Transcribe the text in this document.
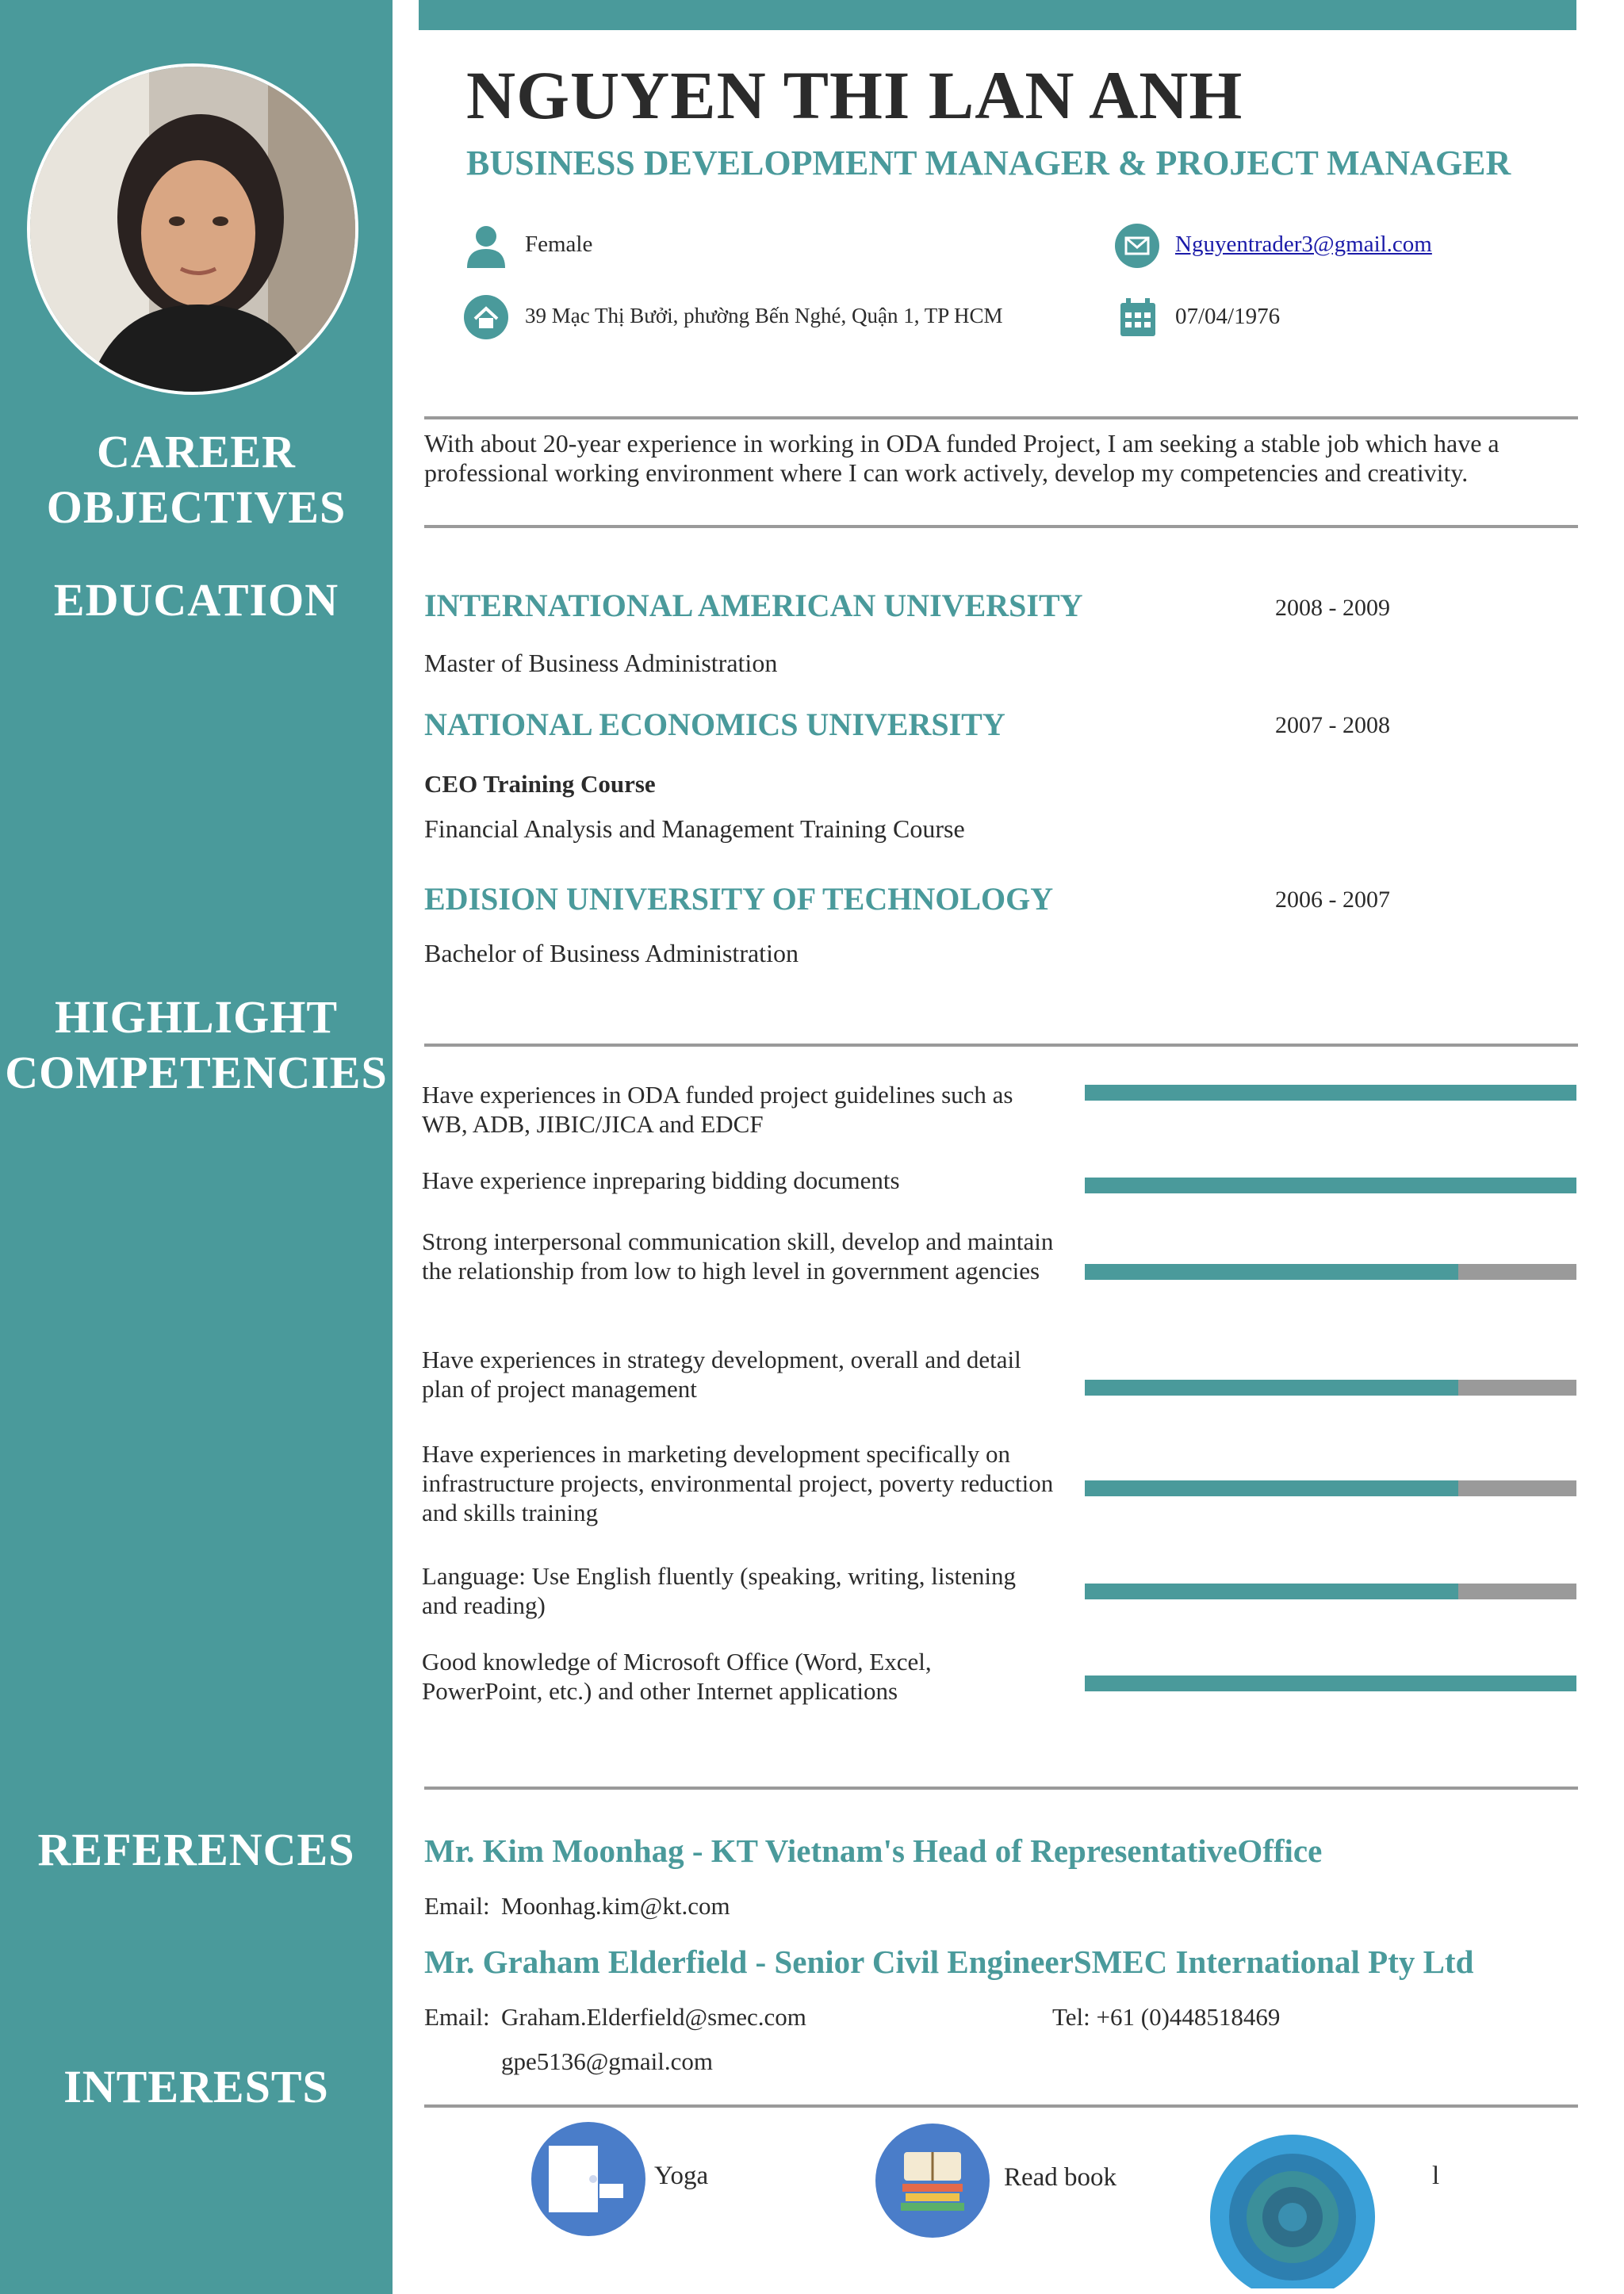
CAREER
OBJECTIVES
EDUCATION
HIGHLIGHT
COMPETENCIES
REFERENCES
INTERESTS
NGUYEN THI LAN ANH
BUSINESS DEVELOPMENT MANAGER & PROJECT MANAGER
Female	Nguyentrader3@gmail.com
39 Mạc Thị Bưởi, phường Bến Nghé, Quận 1, TP HCM	07/04/1976
With about 20-year experience in working in ODA funded Project, I am seeking a stable job which have a professional working environment where I can work actively, develop my competencies and creativity.
INTERNATIONAL AMERICAN UNIVERSITY	2008 - 2009
Master of Business Administration
NATIONAL ECONOMICS UNIVERSITY	2007 - 2008
CEO Training Course
Financial Analysis and Management Training Course
EDISION UNIVERSITY OF TECHNOLOGY	2006 - 2007
Bachelor of Business Administration
Have experiences in ODA funded project guidelines such as WB, ADB, JIBIC/JICA and EDCF
Have experience inpreparing bidding documents
Strong interpersonal communication skill, develop and maintain the relationship from low to high level in government agencies
Have experiences in strategy development, overall and detail plan of project management
Have experiences in marketing development specifically on infrastructure projects, environmental project, poverty reduction and skills training
Language: Use English fluently (speaking, writing, listening and reading)
Good knowledge of Microsoft Office (Word, Excel, PowerPoint, etc.) and other Internet applications
Mr. Kim Moonhag - KT Vietnam's Head of RepresentativeOffice
Email: Moonhag.kim@kt.com
Mr. Graham Elderfield - Senior Civil EngineerSMEC International Pty Ltd
Email: Graham.Elderfield@smec.com	Tel: +61 (0)448518469
gpe5136@gmail.com
Yoga	Read book	l
